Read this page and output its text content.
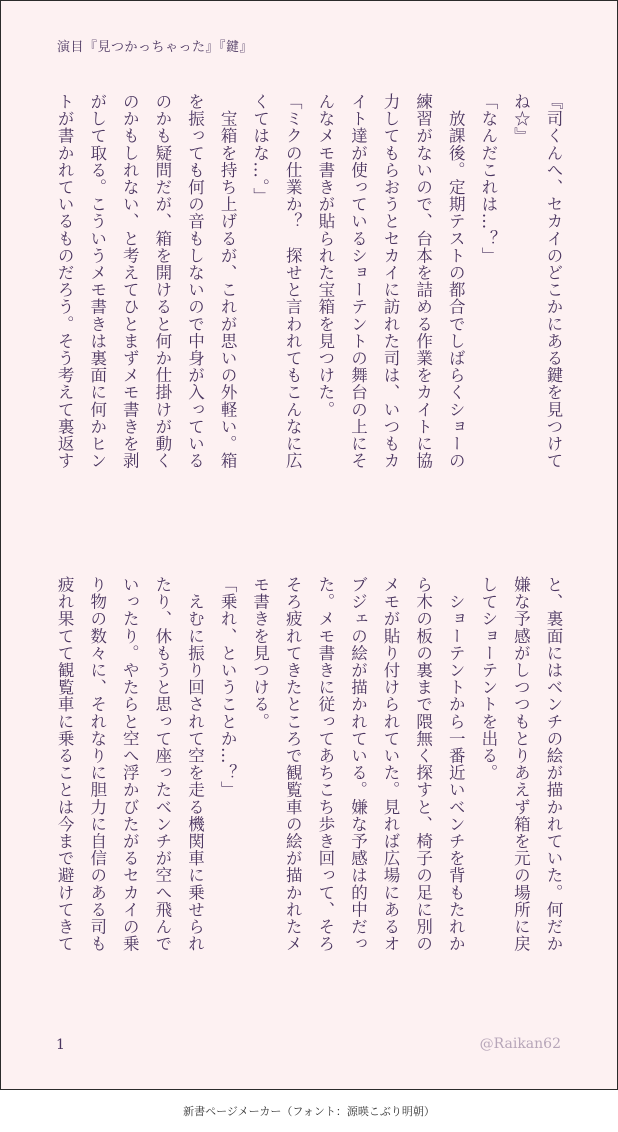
演目『見つかっちゃった』『鍵』
『司くんへ、セカイのどこかにある鍵を見つけて
ね☆』
「なんだこれは…？」
　放課後。定期テストの都合でしばらくショーの
練習がないので、台本を詰める作業をカイトに協
力してもらおうとセカイに訪れた司は、いつもカ
イト達が使っているショーテントの舞台の上にそ
んなメモ書きが貼られた宝箱を見つけた。
「ミクの仕業か？　探せと言われてもこんなに広
くてはな…。」
　宝箱を持ち上げるが、これが思いの外軽い。箱
を振っても何の音もしないので中身が入っている
のかも疑問だが、箱を開けると何か仕掛けが動く
のかもしれない、と考えてひとまずメモ書きを剥
がして取る。こういうメモ書きは裏面に何かヒン
トが書かれているものだろう。そう考えて裏返す
と、裏面にはベンチの絵が描かれていた。何だか
嫌な予感がしつつもとりあえず箱を元の場所に戻
してショーテントを出る。
　ショーテントから一番近いベンチを背もたれか
ら木の板の裏まで隈無く探すと、椅子の足に別の
メモが貼り付けられていた。見れば広場にあるオ
ブジェの絵が描かれている。嫌な予感は的中だっ
た。メモ書きに従ってあちこち歩き回って、そろ
そろ疲れてきたところで観覧車の絵が描かれたメ
モ書きを見つける。
「乗れ、ということか…？」
　えむに振り回されて空を走る機関車に乗せられ
たり、休もうと思って座ったベンチが空へ飛んで
いったり。やたらと空へ浮かびたがるセカイの乗
り物の数々に、それなりに胆力に自信のある司も
疲れ果てて観覧車に乗ることは今まで避けてきて
1	@Raikan62
新書ページメーカー（フォント：源暎こぶり明朝）
